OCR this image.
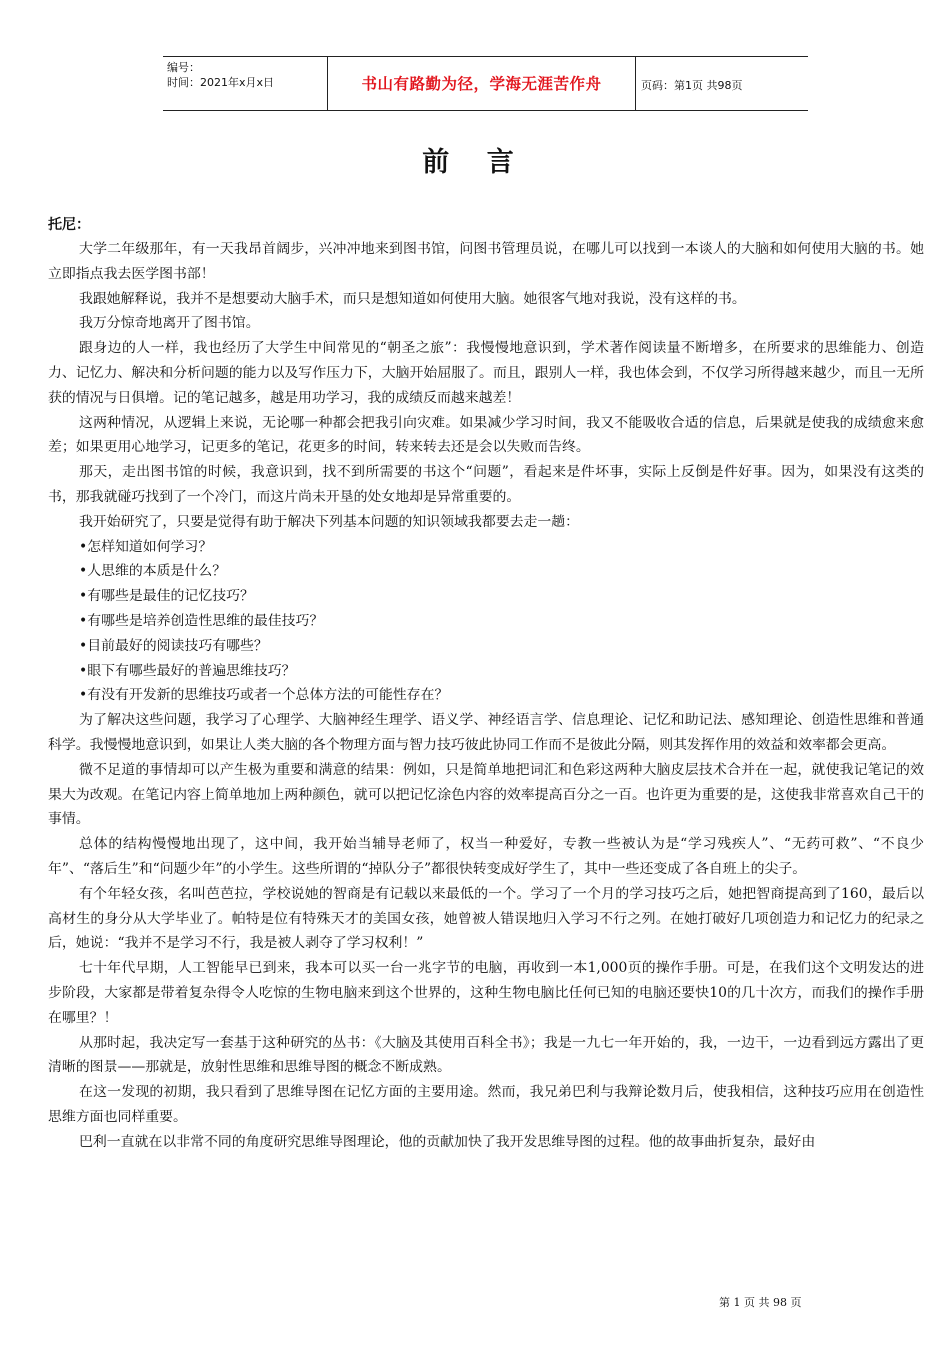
编号：
时间：2021年x月x日	书山有路勤为径，学海无涯苦作舟	页码：第1页 共98页
前 言
托尼：

大学二年级那年，有一天我昂首阔步，兴冲冲地来到图书馆，问图书管理员说，在哪儿可以找到一本谈人的大脑和如何使用大脑的书。她立即指点我去医学图书部！

我跟她解释说，我并不是想要动大脑手术，而只是想知道如何使用大脑。她很客气地对我说，没有这样的书。

我万分惊奇地离开了图书馆。

跟身边的人一样，我也经历了大学生中间常见的“朝圣之旅”：我慢慢地意识到，学术著作阅读量不断增多，在所要求的思维能力、创造力、记忆力、解决和分析问题的能力以及写作压力下，大脑开始屈服了。而且，跟别人一样，我也体会到，不仅学习所得越来越少，而且一无所获的情况与日俱增。记的笔记越多，越是用功学习，我的成绩反而越来越差！

这两种情况，从逻辑上来说，无论哪一种都会把我引向灾难。如果减少学习时间，我又不能吸收合适的信息，后果就是使我的成绩愈来愈差；如果更用心地学习，记更多的笔记，花更多的时间，转来转去还是会以失败而告终。

那天，走出图书馆的时候，我意识到，找不到所需要的书这个“问题”，看起来是件坏事，实际上反倒是件好事。因为，如果没有这类的书，那我就碰巧找到了一个冷门，而这片尚未开垦的处女地却是异常重要的。

我开始研究了，只要是觉得有助于解决下列基本问题的知识领域我都要去走一趟：

•怎样知道如何学习？

•人思维的本质是什么？

•有哪些是最佳的记忆技巧？

•有哪些是培养创造性思维的最佳技巧？

•目前最好的阅读技巧有哪些？

•眼下有哪些最好的普遍思维技巧？

•有没有开发新的思维技巧或者一个总体方法的可能性存在？

为了解决这些问题，我学习了心理学、大脑神经生理学、语义学、神经语言学、信息理论、记忆和助记法、感知理论、创造性思维和普通科学。我慢慢地意识到，如果让人类大脑的各个物理方面与智力技巧彼此协同工作而不是彼此分隔，则其发挥作用的效益和效率都会更高。

微不足道的事情却可以产生极为重要和满意的结果：例如，只是简单地把词汇和色彩这两种大脑皮层技术合并在一起，就使我记笔记的效果大为改观。在笔记内容上简单地加上两种颜色，就可以把记忆涂色内容的效率提高百分之一百。也许更为重要的是，这使我非常喜欢自己干的事情。

总体的结构慢慢地出现了，这中间，我开始当辅导老师了，权当一种爱好，专教一些被认为是“学习残疾人”、“无药可救”、“不良少年”、“落后生”和“问题少年”的小学生。这些所谓的“掉队分子”都很快转变成好学生了，其中一些还变成了各自班上的尖子。

有个年轻女孩，名叫芭芭拉，学校说她的智商是有记载以来最低的一个。学习了一个月的学习技巧之后，她把智商提高到了160，最后以高材生的身分从大学毕业了。帕特是位有特殊天才的美国女孩，她曾被人错误地归入学习不行之列。在她打破好几项创造力和记忆力的纪录之后，她说：“我并不是学习不行，我是被人剥夺了学习权利！”

七十年代早期，人工智能早已到来，我本可以买一台一兆字节的电脑，再收到一本1,000页的操作手册。可是，在我们这个文明发达的进步阶段，大家都是带着复杂得令人吃惊的生物电脑来到这个世界的，这种生物电脑比任何已知的电脑还要快10的几十次方，而我们的操作手册在哪里？！

从那时起，我决定写一套基于这种研究的丛书：《大脑及其使用百科全书》；我是一九七一年开始的，我，一边干，一边看到远方露出了更清晰的图景——那就是，放射性思维和思维导图的概念不断成熟。

在这一发现的初期，我只看到了思维导图在记忆方面的主要用途。然而，我兄弟巴利与我辩论数月后，使我相信，这种技巧应用在创造性思维方面也同样重要。

巴利一直就在以非常不同的角度研究思维导图理论，他的贡献加快了我开发思维导图的过程。他的故事曲折复杂，最好由

第 1 页 共 98 页
